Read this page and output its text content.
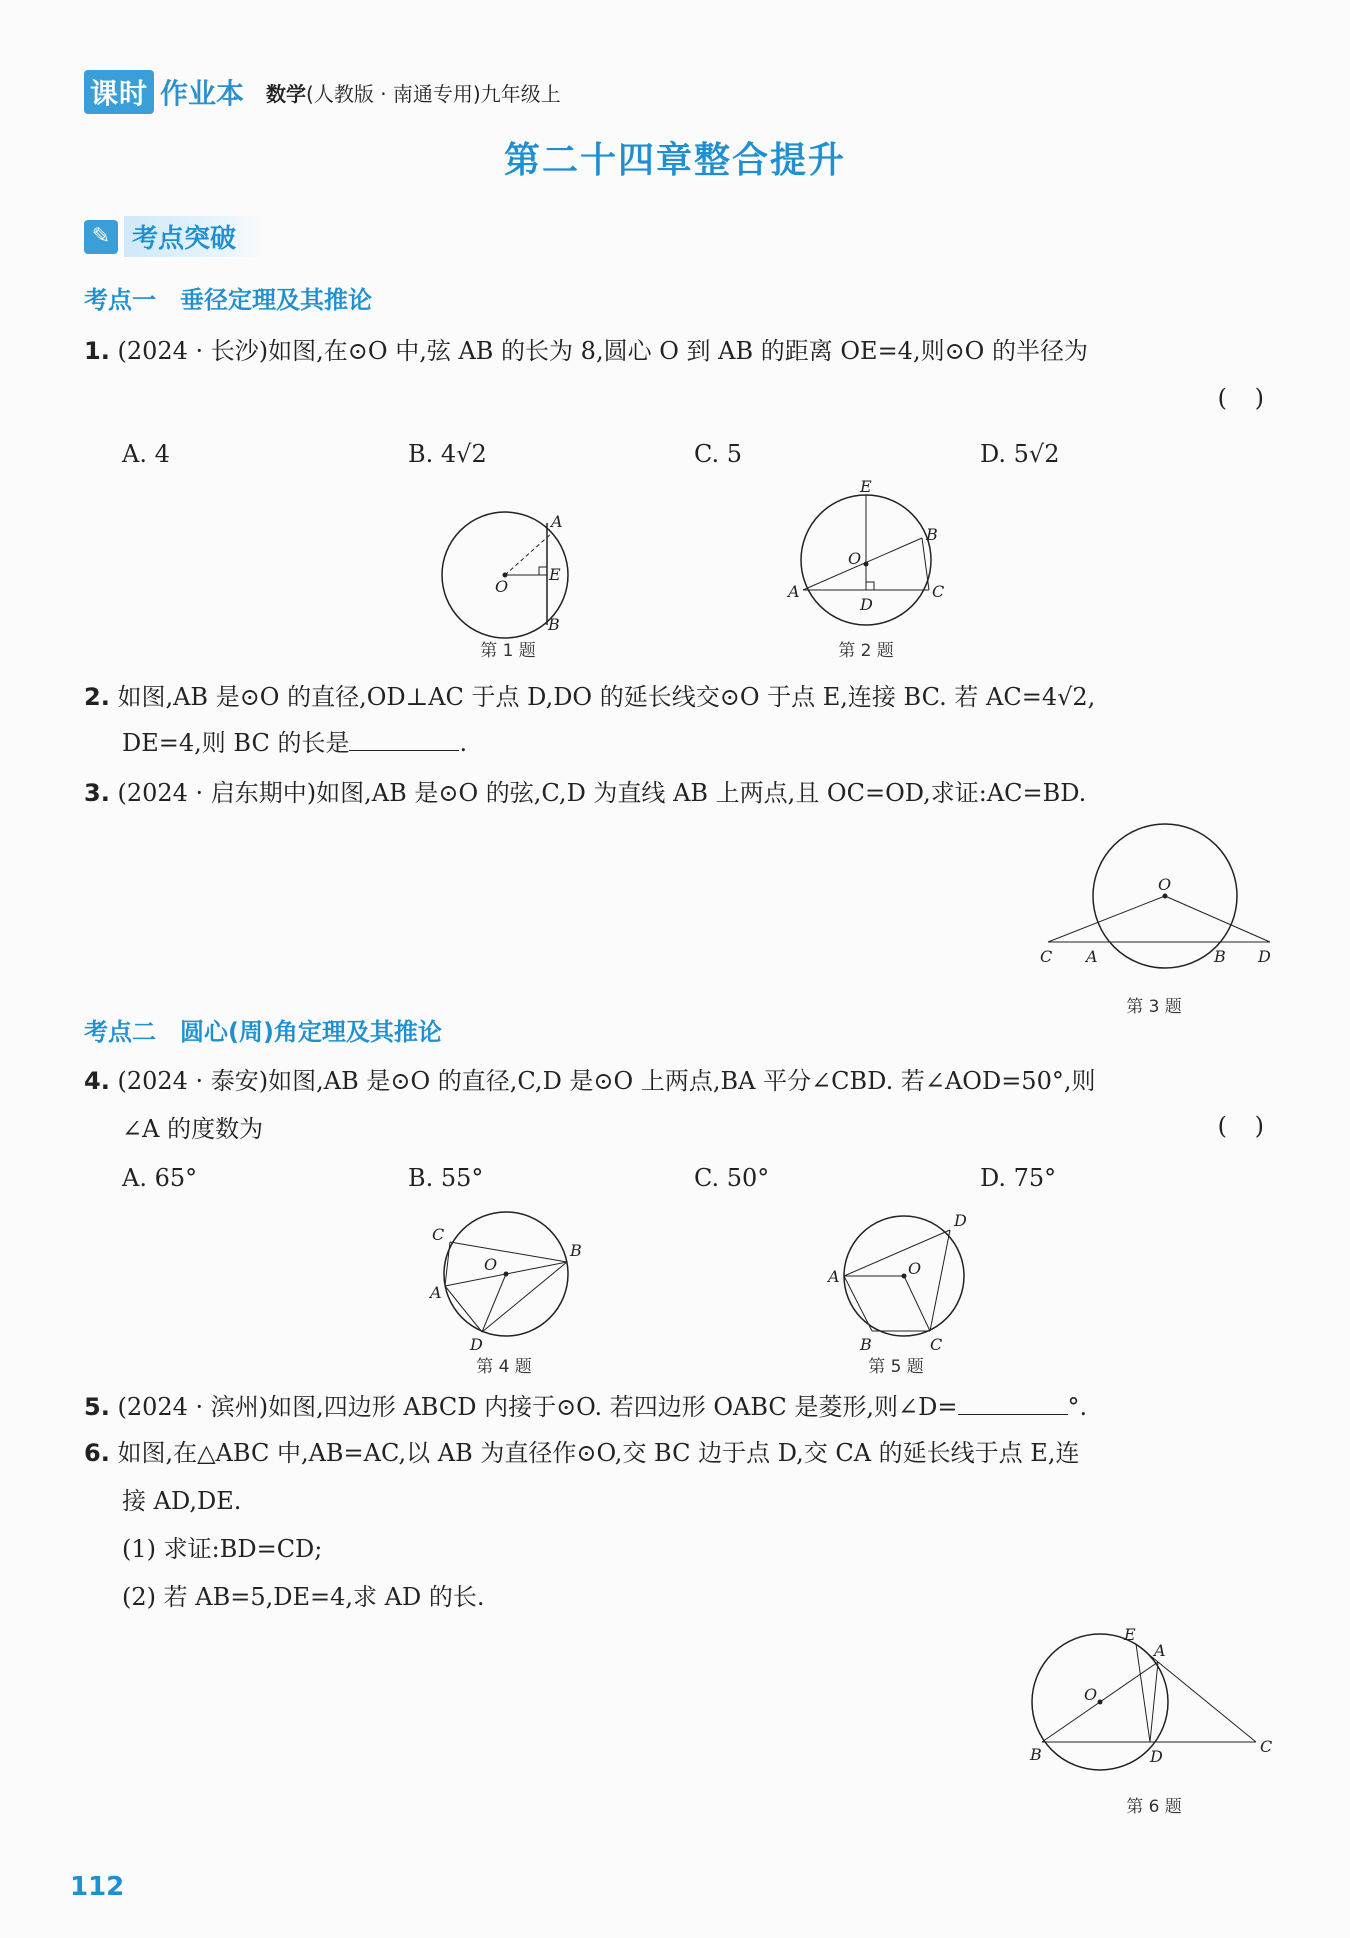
课时 作业本 数学(人教版 · 南通专用)九年级上
第二十四章整合提升
✎ 考点突破
考点一　垂径定理及其推论
1. (2024 · 长沙)如图,在⊙O 中,弦 AB 的长为 8,圆心 O 到 AB 的距离 OE=4,则⊙O 的半径为
( )
A. 4	B. 4√2	C. 5	D. 5√2
A
E
B
O
第 1 题
E
O
B
A	C
D
第 2 题
2. 如图,AB 是⊙O 的直径,OD⊥AC 于点 D,DO 的延长线交⊙O 于点 E,连接 BC. 若 AC=4√2,
DE=4,则 BC 的长是	.
3. (2024 · 启东期中)如图,AB 是⊙O 的弦,C,D 为直线 AB 上两点,且 OC=OD,求证:AC=BD.
O
C A	B D
第 3 题
考点二　圆心(周)角定理及其推论
4. (2024 · 泰安)如图,AB 是⊙O 的直径,C,D 是⊙O 上两点,BA 平分∠CBD. 若∠AOD=50°,则
∠A 的度数为	( )
A. 65°	B. 55°	C. 50°	D. 75°
C
B
A
O
D
第 4 题
D
A	O
B	C
第 5 题
5. (2024 · 滨州)如图,四边形 ABCD 内接于⊙O. 若四边形 OABC 是菱形,则∠D=	°.
6. 如图,在△ABC 中,AB=AC,以 AB 为直径作⊙O,交 BC 边于点 D,交 CA 的延长线于点 E,连
接 AD,DE.
(1) 求证:BD=CD;
(2) 若 AB=5,DE=4,求 AD 的长.
E
A
O
B	D
C
第 6 题
112
